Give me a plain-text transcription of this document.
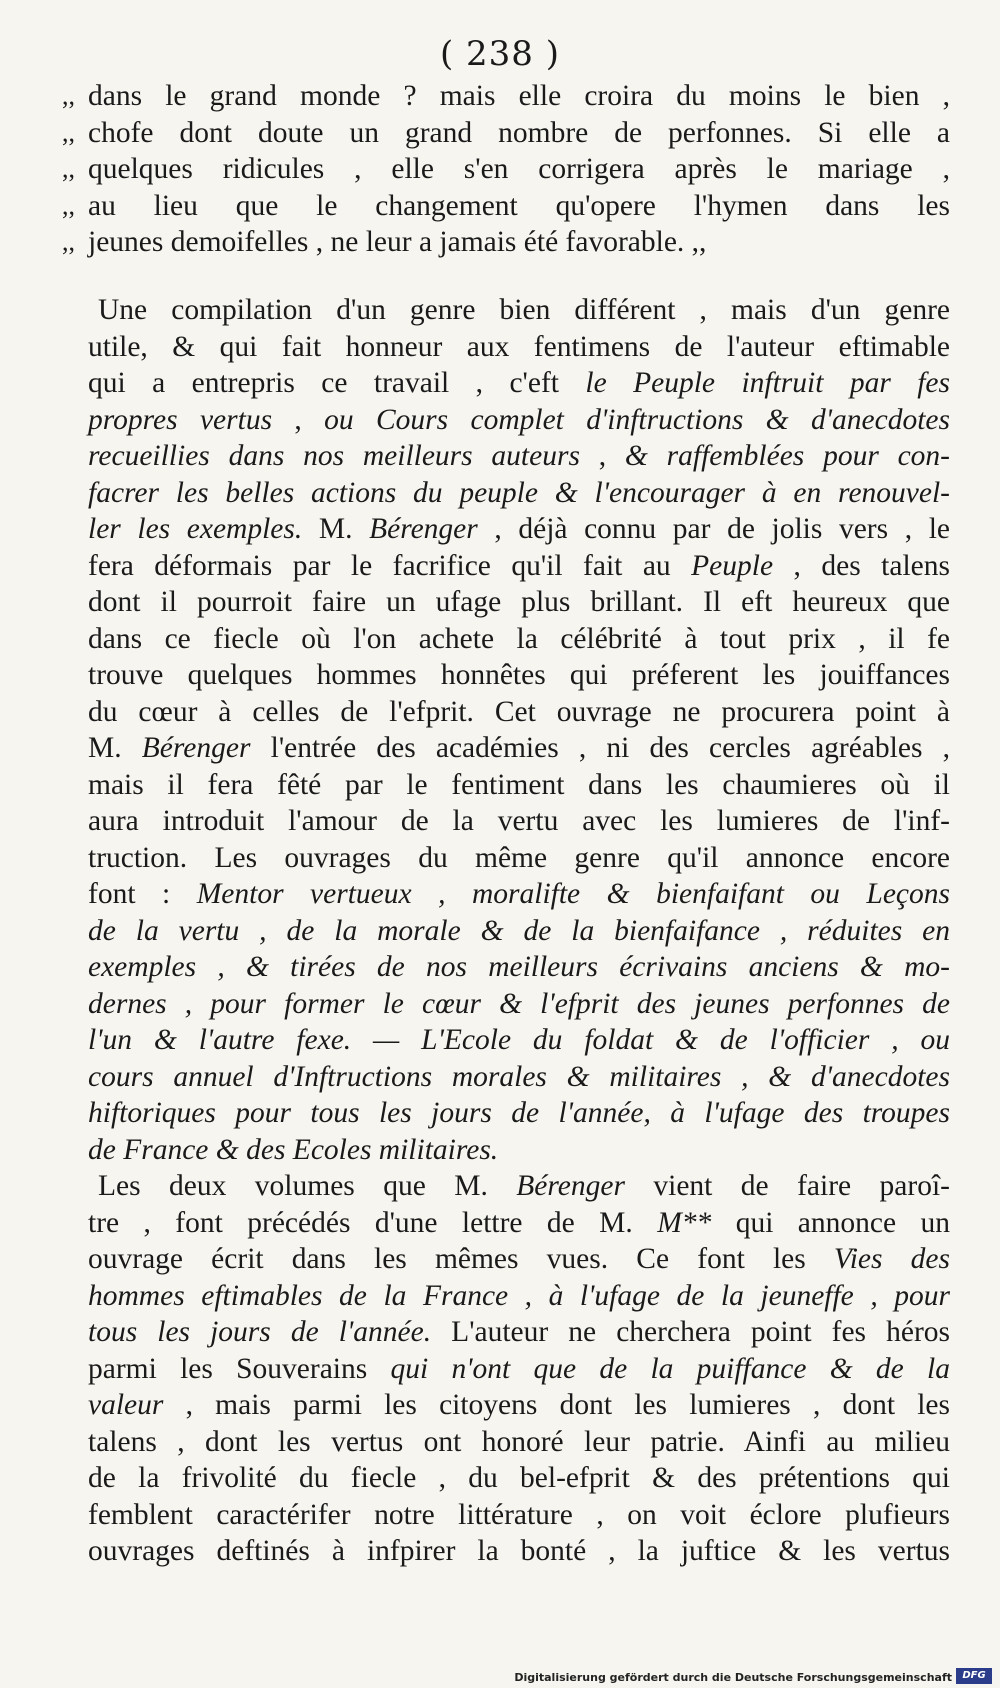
( 238 )
,, dans le grand monde ? mais elle croira du moins le bien ,
,, chofe dont doute un grand nombre de perfonnes. Si elle a
,, quelques ridicules , elle s'en corrigera après le mariage ,
,, au lieu que le changement qu'opere l'hymen dans les
,, jeunes demoifelles , ne leur a jamais été favorable. ,,
Une compilation d'un genre bien différent , mais d'un genre
utile, & qui fait honneur aux fentimens de l'auteur eftimable
qui a entrepris ce travail , c'eft le Peuple inftruit par fes
propres vertus , ou Cours complet d'inftructions & d'anecdotes
recueillies dans nos meilleurs auteurs , & raffemblées pour con-
facrer les belles actions du peuple & l'encourager à en renouvel-
ler les exemples. M. Bérenger , déjà connu par de jolis vers , le
fera déformais par le facrifice qu'il fait au Peuple , des talens
dont il pourroit faire un ufage plus brillant. Il eft heureux que
dans ce fiecle où l'on achete la célébrité à tout prix , il fe
trouve quelques hommes honnêtes qui préferent les jouiffances
du cœur à celles de l'efprit. Cet ouvrage ne procurera point à
M. Bérenger l'entrée des académies , ni des cercles agréables ,
mais il fera fêté par le fentiment dans les chaumieres où il
aura introduit l'amour de la vertu avec les lumieres de l'inf-
truction. Les ouvrages du même genre qu'il annonce encore
font : Mentor vertueux , moralifte & bienfaifant ou Leçons
de la vertu , de la morale & de la bienfaifance , réduites en
exemples , & tirées de nos meilleurs écrivains anciens & mo-
dernes , pour former le cœur & l'efprit des jeunes perfonnes de
l'un & l'autre fexe. — L'Ecole du foldat & de l'officier , ou
cours annuel d'Inftructions morales & militaires , & d'anecdotes
hiftoriques pour tous les jours de l'année, à l'ufage des troupes
de France & des Ecoles militaires.
Les deux volumes que M. Bérenger vient de faire paroî-
tre , font précédés d'une lettre de M. M** qui annonce un
ouvrage écrit dans les mêmes vues. Ce font les Vies des
hommes eftimables de la France , à l'ufage de la jeuneffe , pour
tous les jours de l'année. L'auteur ne cherchera point fes héros
parmi les Souverains qui n'ont que de la puiffance & de la
valeur , mais parmi les citoyens dont les lumieres , dont les
talens , dont les vertus ont honoré leur patrie. Ainfi au milieu
de la frivolité du fiecle , du bel-efprit & des prétentions qui
femblent caractérifer notre littérature , on voit éclore plufieurs
ouvrages deftinés à infpirer la bonté , la juftice & les vertus
Digitalisierung gefördert durch die Deutsche Forschungsgemeinschaft	DFG
